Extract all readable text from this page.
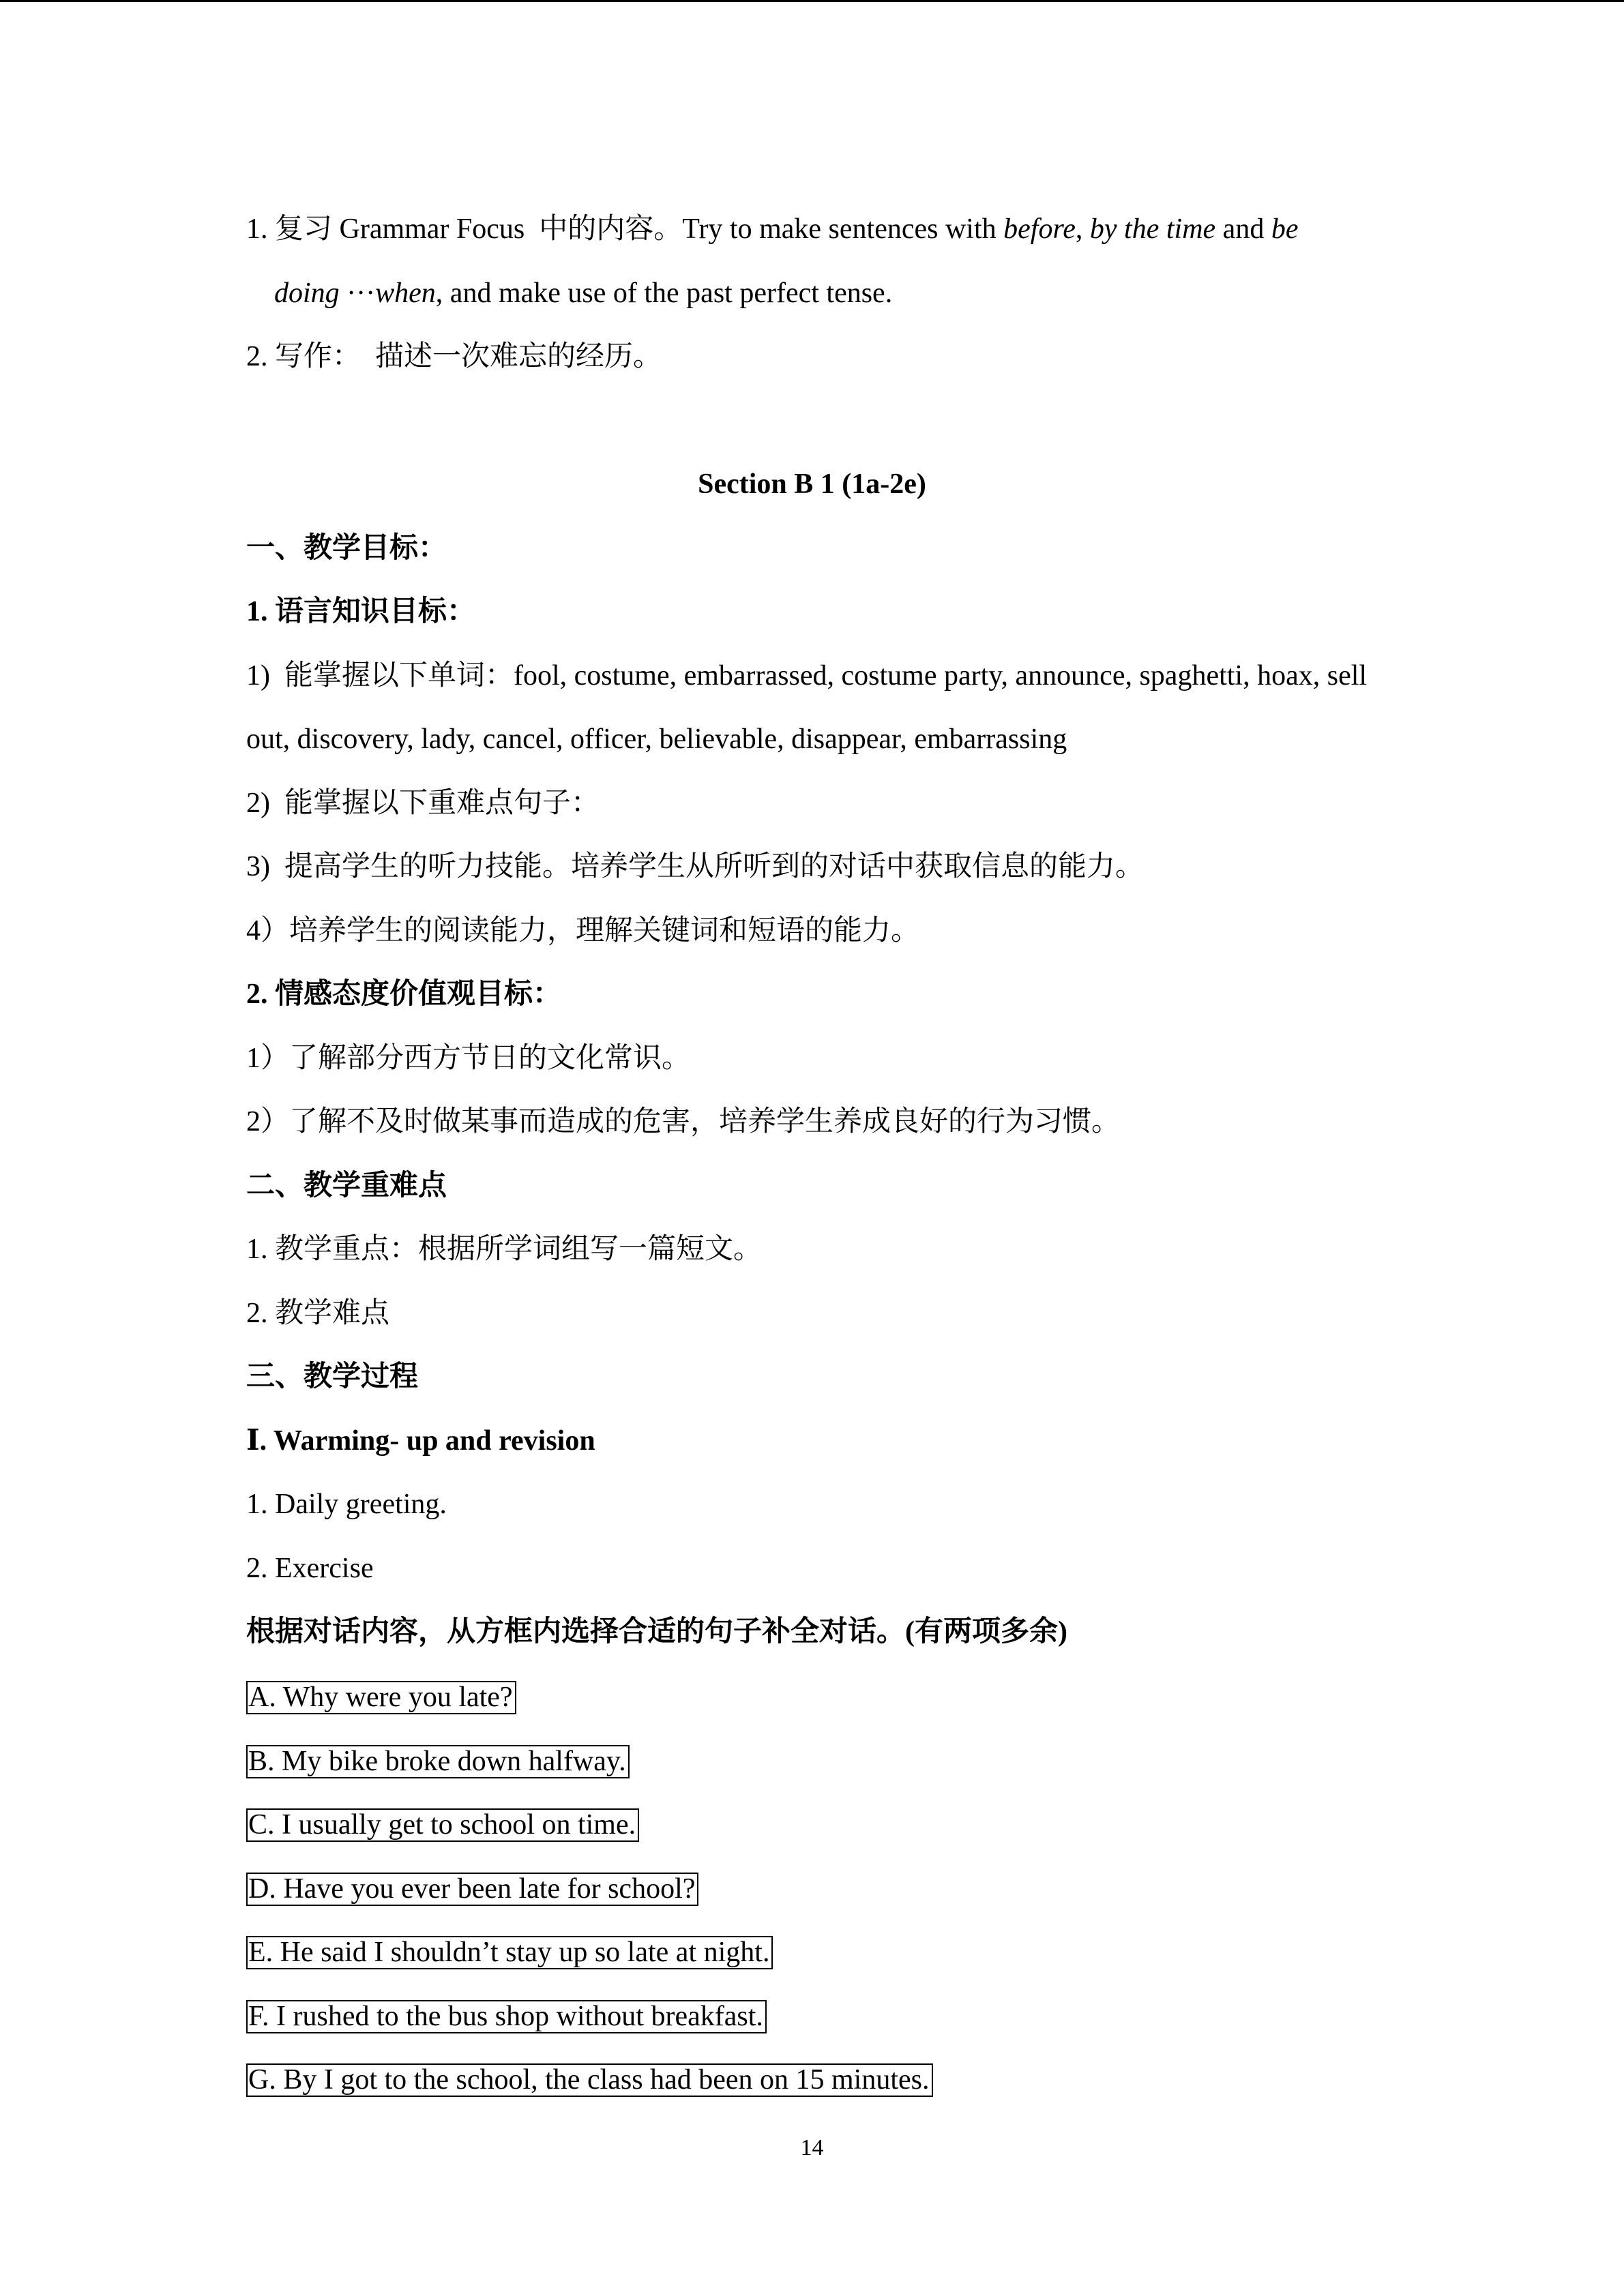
1. 复习 Grammar Focus  中的内容。Try to make sentences with before, by the time and be
doing ···when, and make use of the past perfect tense.
2. 写作：  描述一次难忘的经历。
Section B 1 (1a-2e)
一、教学目标：
1. 语言知识目标：
1)  能掌握以下单词：fool, costume, embarrassed, costume party, announce, spaghetti, hoax, sell
out, discovery, lady, cancel, officer, believable, disappear, embarrassing
2)  能掌握以下重难点句子：
3)  提高学生的听力技能。培养学生从所听到的对话中获取信息的能力。
4）培养学生的阅读能力，理解关键词和短语的能力。
2. 情感态度价值观目标：
1）了解部分西方节日的文化常识。
2）了解不及时做某事而造成的危害，培养学生养成良好的行为习惯。
二、教学重难点
1. 教学重点：根据所学词组写一篇短文。
2. 教学难点
三、教学过程
Ⅰ. Warming- up and revision
1. Daily greeting.
2. Exercise
根据对话内容，从方框内选择合适的句子补全对话。(有两项多余)
A. Why were you late?
B. My bike broke down halfway.
C. I usually get to school on time.
D. Have you ever been late for school?
E. He said I shouldn’t stay up so late at night.
F. I rushed to the bus shop without breakfast.
G. By I got to the school, the class had been on 15 minutes.
14
